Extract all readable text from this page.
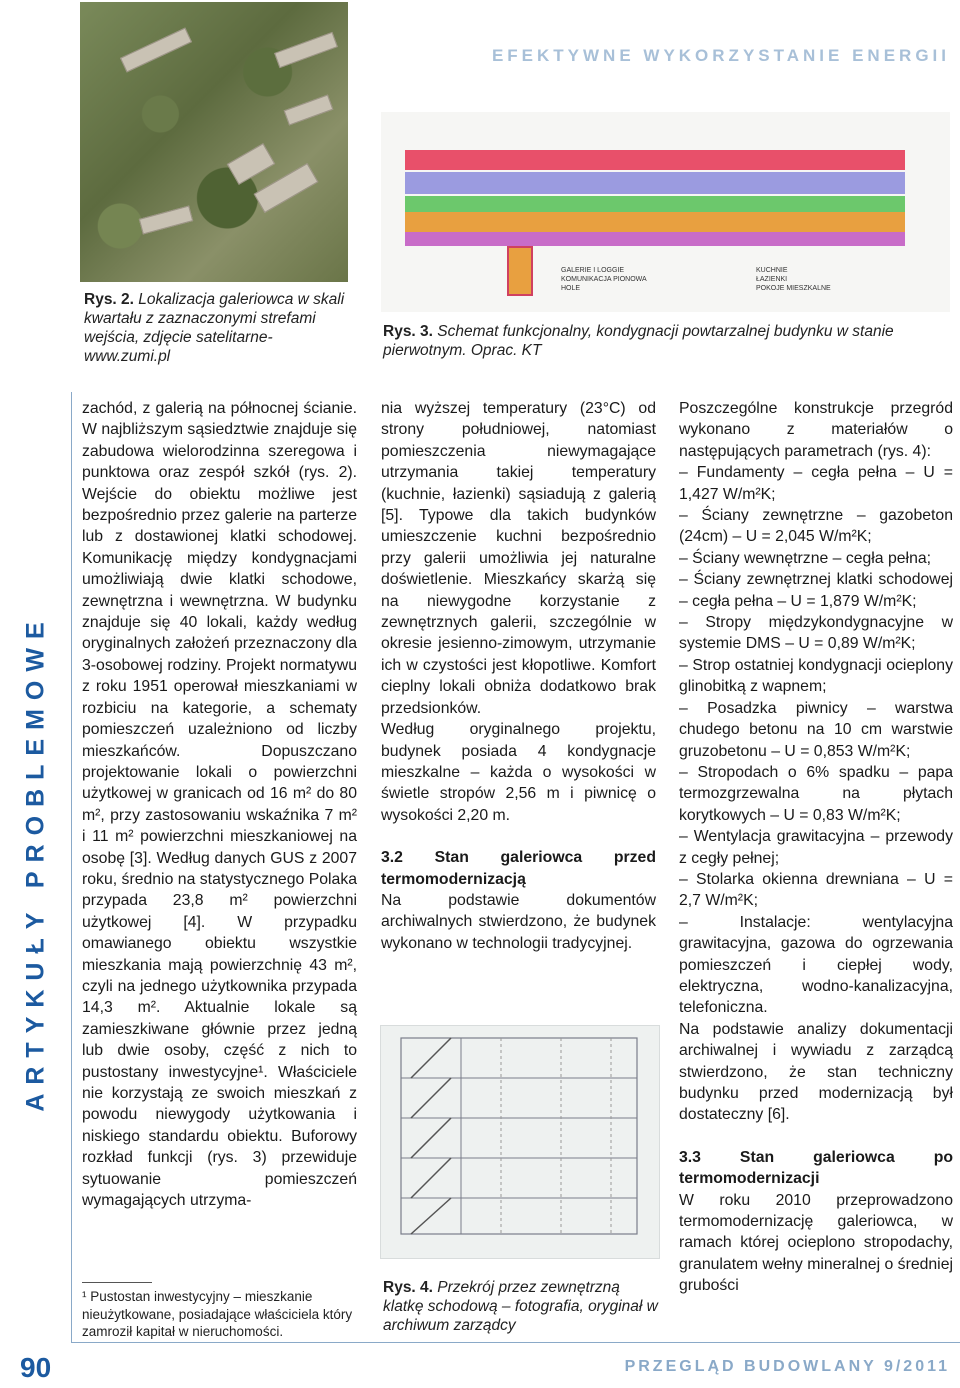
EFEKTYWNE WYKORZYSTANIE ENERGII
Rys. 2. Lokalizacja galeriowca w skali kwartału z zaznaczonymi strefami wejścia, zdjęcie satelitarne- www.zumi.pl
GALERIE I LOGGIE	KUCHNIE
KOMUNIKACJA PIONOWA	ŁAZIENKI
HOLE	POKOJE MIESZKALNE
Rys. 3. Schemat funkcjonalny, kondygnacji powtarzalnej budynku w stanie pierwotnym. Oprac. KT
ARTYKUŁY PROBLEMOWE

zachód, z galerią na północnej ścianie. W najbliższym sąsiedztwie znajduje się zabudowa wielorodzinna szeregowa i punktowa oraz zespół szkół (rys. 2). Wejście do obiektu możliwe jest bezpośrednio przez galerie na parterze lub z dostawionej klatki schodowej. Komunikację między kondygnacjami umożliwiają dwie klatki schodowe, zewnętrzna i wewnętrzna. W budynku znajduje się 40 lokali, każdy według oryginalnych założeń przeznaczony dla 3-osobowej rodziny. Projekt normatywu z roku 1951 operował mieszkaniami w rozbiciu na kategorie, a schematy pomieszczeń uzależniono od liczby mieszkańców. Dopuszczano projektowanie lokali o powierzchni użytkowej w granicach od 16 m² do 80 m², przy zastosowaniu wskaźnika 7 m² i 11 m² powierzchni mieszkaniowej na osobę [3]. Według danych GUS z 2007 roku, średnio na statystycznego Polaka przypada 23,8 m² powierzchni użytkowej [4]. W przypadku omawianego obiektu wszystkie mieszkania mają powierzchnię 43 m², czyli na jednego użytkownika przypada 14,3 m². Aktualnie lokale są zamieszkiwane głównie przez jedną lub dwie osoby, część z nich to pustostany inwestycyjne¹. Właściciele nie korzystają ze swoich mieszkań z powodu niewygody użytkowania i niskiego standardu obiektu. Buforowy rozkład funkcji (rys. 3) przewiduje sytuowanie pomieszczeń wymagających utrzyma-

¹ Pustostan inwestycyjny – mieszkanie nieużytkowane, posiadające właściciela który zamroził kapitał w nieruchomości.

nia wyższej temperatury (23°C) od strony południowej, natomiast pomieszczenia niewymagające utrzymania takiej temperatury (kuchnie, łazienki) sąsiadują z galerią [5]. Typowe dla takich budynków umieszczenie kuchni bezpośrednio przy galerii umożliwia jej naturalne doświetlenie. Mieszkańcy skarżą się na niewygodne korzystanie z zewnętrznych galerii, szczególnie w okresie jesienno-zimowym, utrzymanie ich w czystości jest kłopotliwe. Komfort cieplny lokali obniża dodatkowo brak przedsionków.

Według oryginalnego projektu, budynek posiada 4 kondygnacje mieszkalne – każda o wysokości w świetle stropów 2,56 m i piwnicę o wysokości 2,20 m.

3.2 Stan galeriowca przed termomodernizacją

Na podstawie dokumentów archiwalnych stwierdzono, że budynek wykonano w technologii tradycyjnej.

Rys. 4. Przekrój przez zewnętrzną klatkę schodową – fotografia, oryginał w archiwum zarządcy

Poszczególne konstrukcje przegród wykonano z materiałów o następujących parametrach (rys. 4):

– Fundamenty – cegła pełna – U = 1,427 W/m²K;
– Ściany zewnętrzne – gazobeton (24cm) – U = 2,045 W/m²K;
– Ściany wewnętrzne – cegła pełna;
– Ściany zewnętrznej klatki schodowej – cegła pełna – U = 1,879 W/m²K;
– Stropy międzykondygnacyjne w systemie DMS – U = 0,89 W/m²K;
– Strop ostatniej kondygnacji ocieplony glinobitką z wapnem;
– Posadzka piwnicy – warstwa chudego betonu na 10 cm warstwie gruzobetonu – U = 0,853 W/m²K;
– Stropodach o 6% spadku – papa termozgrzewalna na płytach korytkowych – U = 0,83 W/m²K;
– Wentylacja grawitacyjna – przewody z cegły pełnej;
– Stolarka okienna drewniana – U = 2,7 W/m²K;
– Instalacje: wentylacyjna grawitacyjna, gazowa do ogrzewania pomieszczeń i ciepłej wody, elektryczna, wodno-kanalizacyjna, telefoniczna.

Na podstawie analizy dokumentacji archiwalnej i wywiadu z zarządcą stwierdzono, że stan techniczny budynku przed modernizacją był dostateczny [6].

3.3 Stan galeriowca po termomodernizacji

W roku 2010 przeprowadzono termomodernizację galeriowca, w ramach której ocieplono stropodachy, granulatem wełny mineralnej o średniej grubości

90	PRZEGLĄD BUDOWLANY 9/2011
